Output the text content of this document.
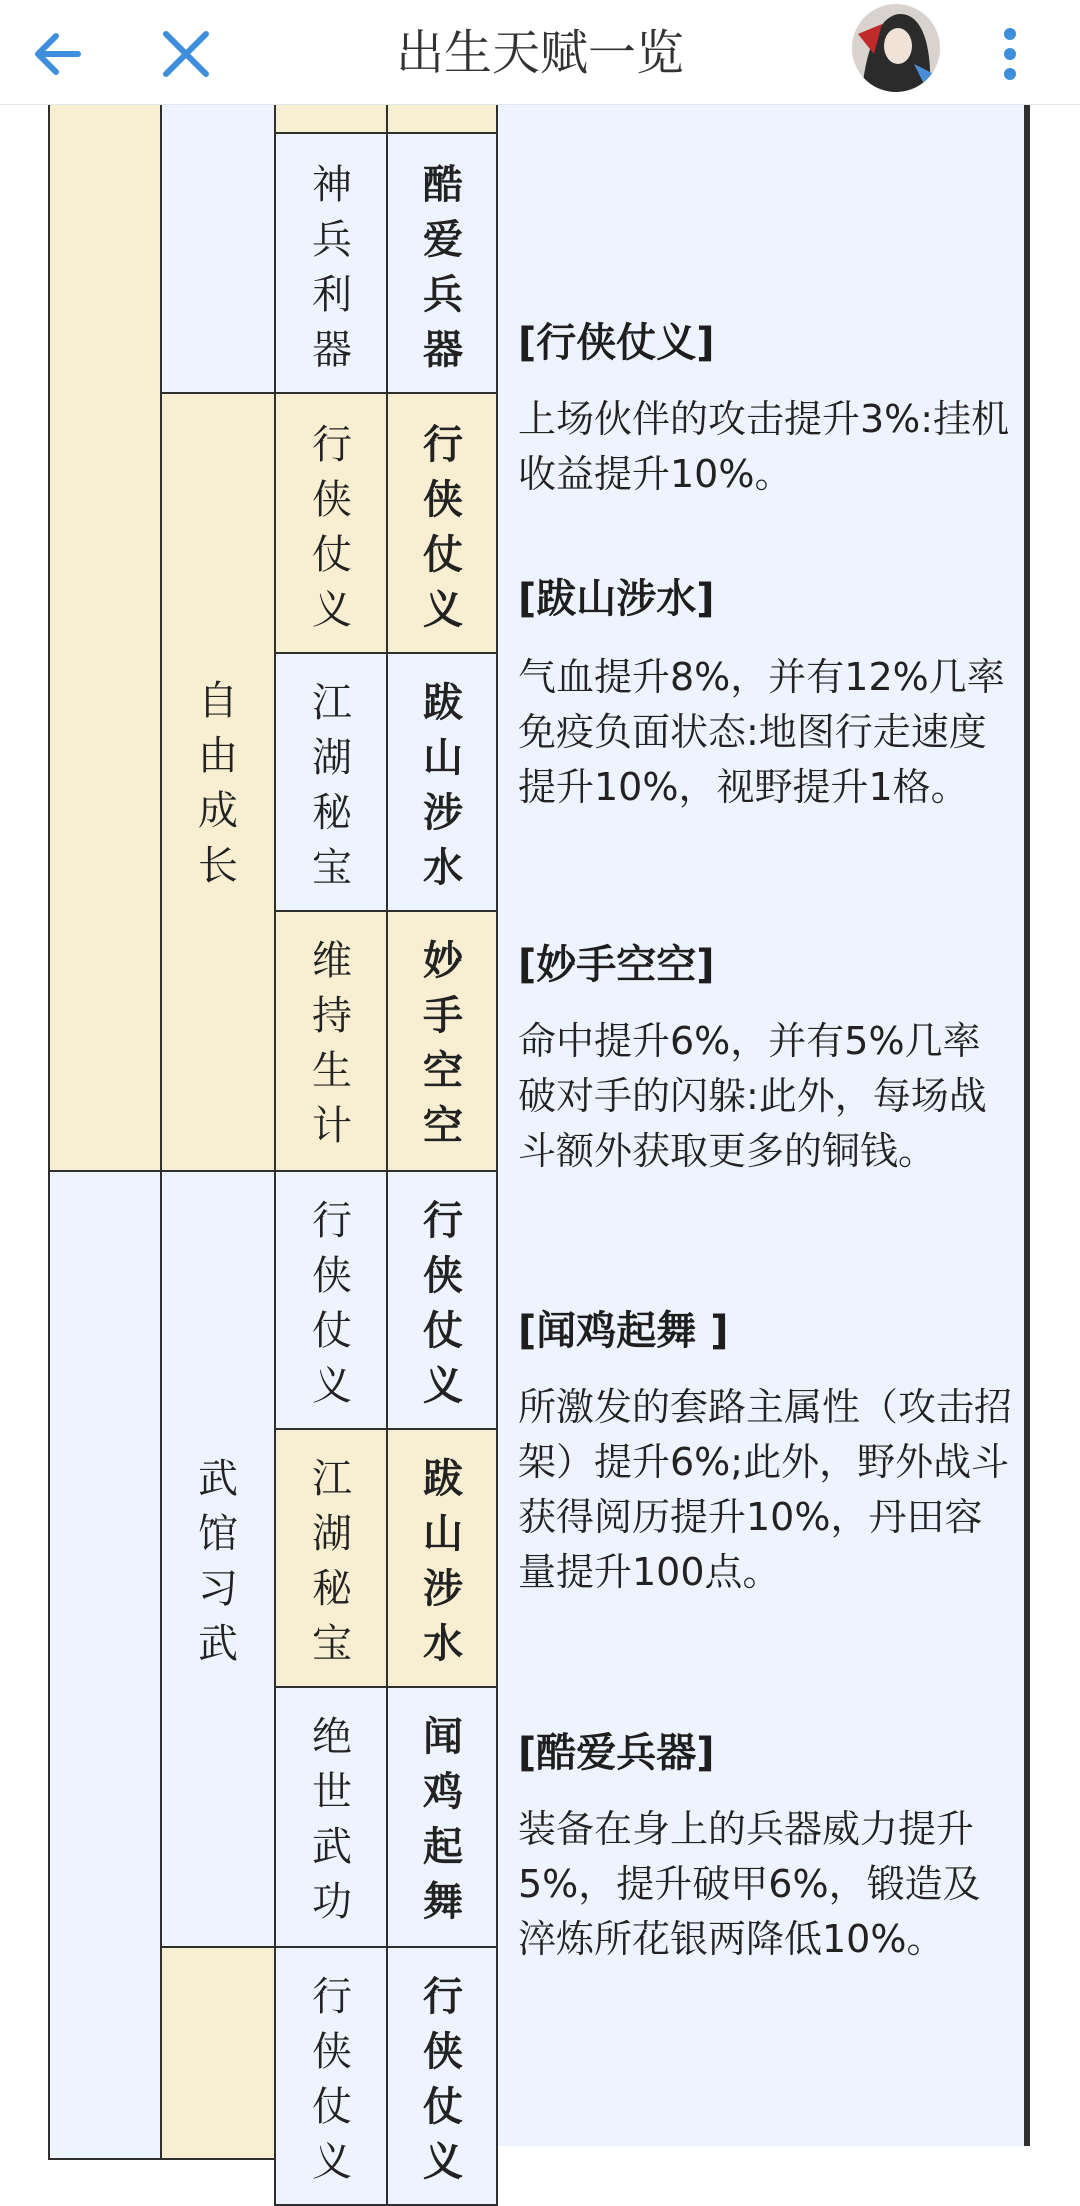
自由成长
武馆习武
神兵利器
酷爱兵器
行侠仗义
行侠仗义
江湖秘宝
跋山涉水
维持生计
妙手空空
行侠仗义
行侠仗义
江湖秘宝
跋山涉水
绝世武功
闻鸡起舞
行侠仗义
行侠仗义
[行侠仗义]
上场伙伴的攻击提升3%:挂机收益提升10%。
[跋山涉水]
气血提升8%，并有12%几率免疫负面状态:地图行走速度提升10%，视野提升1格。
[妙手空空]
命中提升6%，并有5%几率破对手的闪躲:此外，每场战斗额外获取更多的铜钱。
[闻鸡起舞 ]
所激发的套路主属性（攻击招架）提升6%;此外，野外战斗获得阅历提升10%，丹田容量提升100点。
[酷爱兵器]
装备在身上的兵器威力提升5%，提升破甲6%，锻造及淬炼所花银两降低10%。
出生天赋一览
